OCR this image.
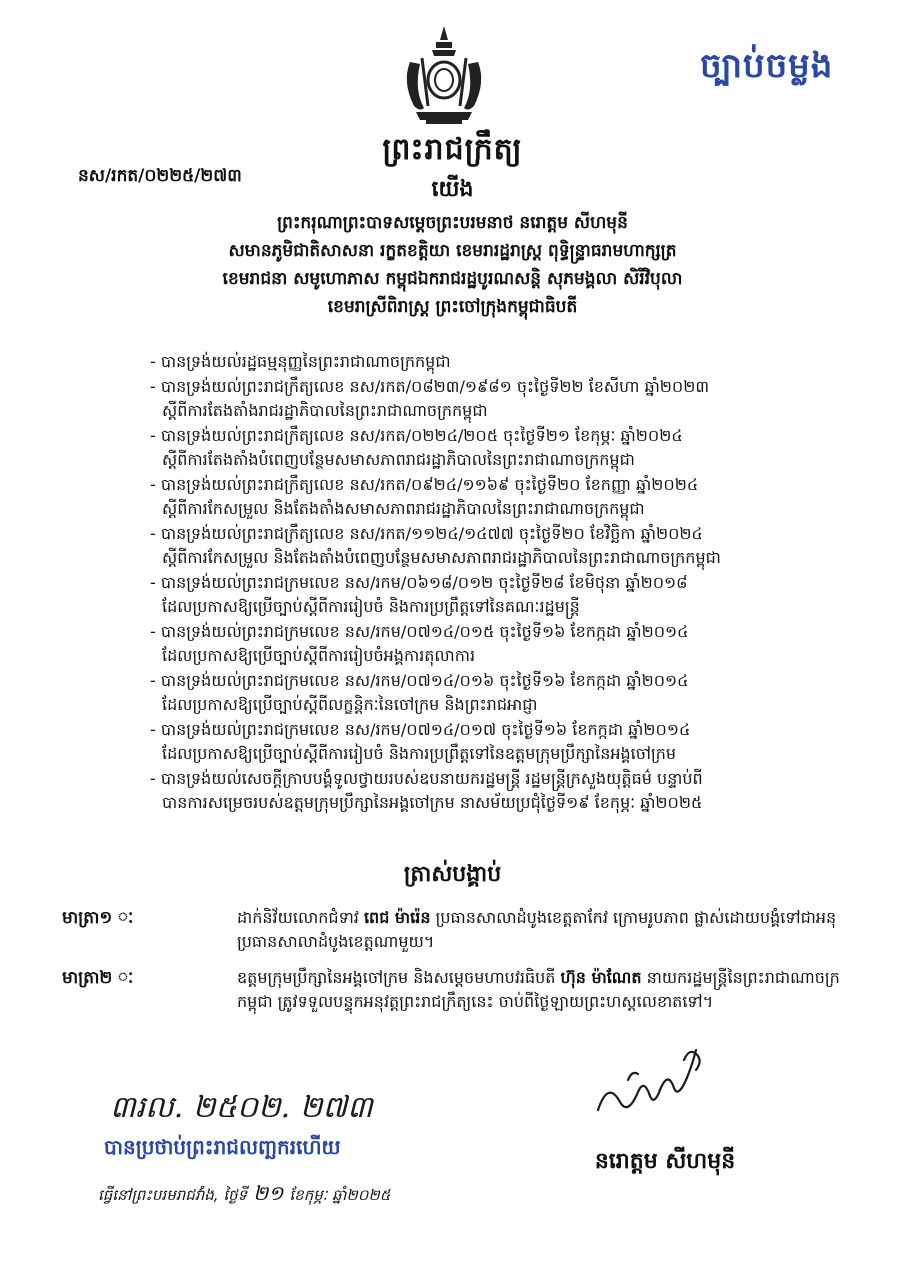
ច្បាប់ចម្លង
ព្រះរាជក្រឹត្យ
នស/រកត/០២២៥/២៧៣
យើង
ព្រះករុណាព្រះបាទសម្តេចព្រះបរមនាថ នរោត្តម សីហមុនី
សមានភូមិជាតិសាសនា រក្ខតខត្តិយា ខេមរារដ្ឋរាស្ត្រ ពុទ្ធិន្ទ្រាធរាមហាក្សត្រ
ខេមរាជនា សមូហោភាស កម្ពុជឯករាជរដ្ឋបូរណសន្តិ សុភមង្គលា សិរីវិបុលា
ខេមរាស្រីពិរាស្ត្រ ព្រះចៅក្រុងកម្ពុជាធិបតី

- បានទ្រង់យល់រដ្ឋធម្មនុញ្ញនៃព្រះរាជាណាចក្រកម្ពុជា

- បានទ្រង់យល់ព្រះរាជក្រឹត្យលេខ នស/រកត/០៨២៣/១៩៨១ ចុះថ្ងៃទី២២ ខែសីហា ឆ្នាំ២០២៣
ស្តីពីការតែងតាំងរាជរដ្ឋាភិបាលនៃព្រះរាជាណាចក្រកម្ពុជា

- បានទ្រង់យល់ព្រះរាជក្រឹត្យលេខ នស/រកត/០២២៤/២០៥ ចុះថ្ងៃទី២១ ខែកុម្ភៈ ឆ្នាំ២០២៤
ស្តីពីការតែងតាំងបំពេញបន្ថែមសមាសភាពរាជរដ្ឋាភិបាលនៃព្រះរាជាណាចក្រកម្ពុជា

- បានទ្រង់យល់ព្រះរាជក្រឹត្យលេខ នស/រកត/០៩២៤/១១៦៩ ចុះថ្ងៃទី២០ ខែកញ្ញា ឆ្នាំ២០២៤
ស្តីពីការកែសម្រួល និងតែងតាំងសមាសភាពរាជរដ្ឋាភិបាលនៃព្រះរាជាណាចក្រកម្ពុជា

- បានទ្រង់យល់ព្រះរាជក្រឹត្យលេខ នស/រកត/១១២៤/១៤៧៧ ចុះថ្ងៃទី២០ ខែវិច្ឆិកា ឆ្នាំ២០២៤
ស្តីពីការកែសម្រួល និងតែងតាំងបំពេញបន្ថែមសមាសភាពរាជរដ្ឋាភិបាលនៃព្រះរាជាណាចក្រកម្ពុជា

- បានទ្រង់យល់ព្រះរាជក្រមលេខ នស/រកម/០៦១៨/០១២ ចុះថ្ងៃទី២៨ ខែមិថុនា ឆ្នាំ២០១៨
ដែលប្រកាសឱ្យប្រើច្បាប់ស្តីពីការរៀបចំ និងការប្រព្រឹត្តទៅនៃគណៈរដ្ឋមន្ត្រី

- បានទ្រង់យល់ព្រះរាជក្រមលេខ នស/រកម/០៧១៤/០១៥ ចុះថ្ងៃទី១៦ ខែកក្កដា ឆ្នាំ២០១៤
ដែលប្រកាសឱ្យប្រើច្បាប់ស្តីពីការរៀបចំអង្គការតុលាការ

- បានទ្រង់យល់ព្រះរាជក្រមលេខ នស/រកម/០៧១៤/០១៦ ចុះថ្ងៃទី១៦ ខែកក្កដា ឆ្នាំ២០១៤
ដែលប្រកាសឱ្យប្រើច្បាប់ស្តីពីលក្ខន្តិកៈនៃចៅក្រម និងព្រះរាជអាជ្ញា

- បានទ្រង់យល់ព្រះរាជក្រមលេខ នស/រកម/០៧១៤/០១៧ ចុះថ្ងៃទី១៦ ខែកក្កដា ឆ្នាំ២០១៤
ដែលប្រកាសឱ្យប្រើច្បាប់ស្តីពីការរៀបចំ និងការប្រព្រឹត្តទៅនៃឧត្តមក្រុមប្រឹក្សានៃអង្គចៅក្រម

- បានទ្រង់យល់សេចក្តីក្រាបបង្គំទូលថ្វាយរបស់ឧបនាយករដ្ឋមន្ត្រី រដ្ឋមន្ត្រីក្រសួងយុត្តិធម៌ បន្ទាប់ពី
បានការសម្រេចរបស់ឧត្តមក្រុមប្រឹក្សានៃអង្គចៅក្រម នាសម័យប្រជុំថ្ងៃទី១៩ ខែកុម្ភៈ ឆ្នាំ២០២៥

ត្រាស់បង្គាប់
មាត្រា១ ៈ	ដាក់និវ័យលោកជំទាវ ពេជ ម៉ារ៉េន ប្រធានសាលាដំបូងខេត្តតាកែវ ក្រោមរូបភាព ផ្លាស់ដោយបង្គំទៅជាអនុប្រធានសាលាដំបូងខេត្តណាមួយ។
មាត្រា២ ៈ	ឧត្តមក្រុមប្រឹក្សានៃអង្គចៅក្រម និងសម្តេចមហាបវរធិបតី ហ៊ុន ម៉ាណែត នាយករដ្ឋមន្ត្រីនៃព្រះរាជាណាចក្រកម្ពុជា ត្រូវទទួលបន្ទុកអនុវត្តព្រះរាជក្រឹត្យនេះ ចាប់ពីថ្ងៃឡាយព្រះហស្តលេខាតទៅ។
៣រល. ២៥០២. ២៧៣
បានប្រថាប់ព្រះរាជលញ្ឆករហើយ
ធ្វើនៅព្រះបរមរាជវាំង, ថ្ងៃទី ២១ ខែកុម្ភៈ ឆ្នាំ២០២៥
នរោត្តម សីហមុនី
